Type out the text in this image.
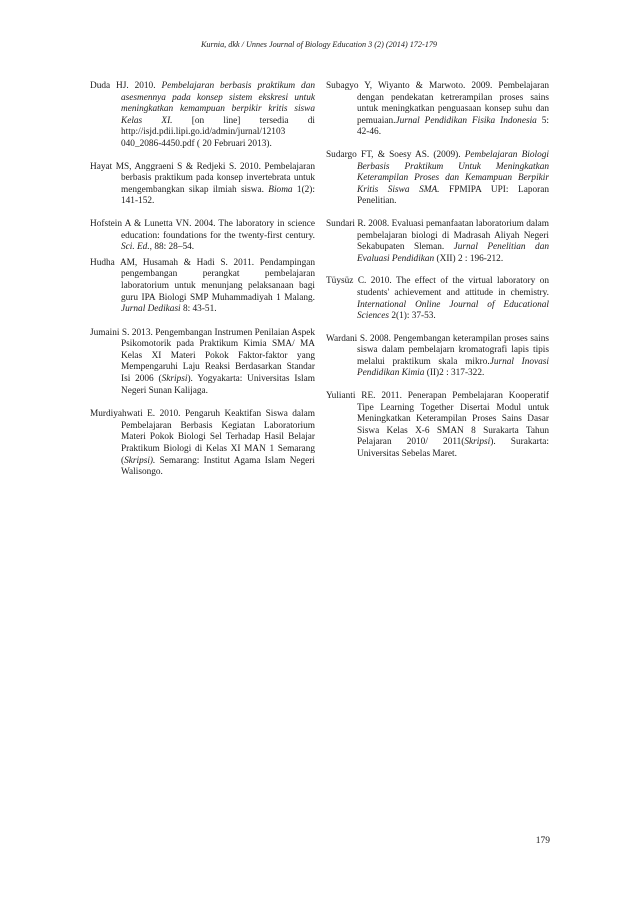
Kurnia, dkk / Unnes Journal of Biology Education 3 (2) (2014) 172-179

Duda HJ. 2010. Pembelajaran berbasis praktikum dan asesmennya pada konsep sistem ekskresi untuk meningkatkan kemampuan berpikir kritis siswa Kelas XI. [on line] tersedia di http://isjd.pdii.lipi.go.id/admin/jurnal/12103 040_2086-4450.pdf ( 20 Februari 2013).

Hayat MS, Anggraeni S & Redjeki S. 2010. Pembelajaran berbasis praktikum pada konsep invertebrata untuk mengembangkan sikap ilmiah siswa. Bioma 1(2): 141-152.

Hofstein A & Lunetta VN. 2004. The laboratory in science education: foundations for the twenty-first century. Sci. Ed., 88: 28–54.

Hudha AM, Husamah & Hadi S. 2011. Pendampingan pengembangan perangkat pembelajaran laboratorium untuk menunjang pelaksanaan bagi guru IPA Biologi SMP Muhammadiyah 1 Malang. Jurnal Dedikasi 8: 43-51.

Jumaini S. 2013. Pengembangan Instrumen Penilaian Aspek Psikomotorik pada Praktikum Kimia SMA/ MA Kelas XI Materi Pokok Faktor-faktor yang Mempengaruhi Laju Reaksi Berdasarkan Standar Isi 2006 (Skripsi). Yogyakarta: Universitas Islam Negeri Sunan Kalijaga.

Murdiyahwati E. 2010. Pengaruh Keaktifan Siswa dalam Pembelajaran Berbasis Kegiatan Laboratorium Materi Pokok Biologi Sel Terhadap Hasil Belajar Praktikum Biologi di Kelas XI MAN 1 Semarang (Skripsi). Semarang: Institut Agama Islam Negeri Walisongo.

Subagyo Y, Wiyanto & Marwoto. 2009. Pembelajaran dengan pendekatan ketrerampilan proses sains untuk meningkatkan penguasaan konsep suhu dan pemuaian.Jurnal Pendidikan Fisika Indonesia 5: 42-46.

Sudargo FT, & Soesy AS. (2009). Pembelajaran Biologi Berbasis Praktikum Untuk Meningkatkan Keterampilan Proses dan Kemampuan Berpikir Kritis Siswa SMA. FPMIPA UPI: Laporan Penelitian.

Sundari R. 2008. Evaluasi pemanfaatan laboratorium dalam pembelajaran biologi di Madrasah Aliyah Negeri Sekabupaten Sleman. Jurnal Penelitian dan Evaluasi Pendidikan (XII) 2 : 196-212.

Tüysüz C. 2010. The effect of the virtual laboratory on students' achievement and attitude in chemistry. International Online Journal of Educational Sciences 2(1): 37-53.

Wardani S. 2008. Pengembangan keterampilan proses sains siswa dalam pembelajarn kromatografi lapis tipis melalui praktikum skala mikro.Jurnal Inovasi Pendidikan Kimia (II)2 : 317-322.

Yulianti RE. 2011. Penerapan Pembelajaran Kooperatif Tipe Learning Together Disertai Modul untuk Meningkatkan Keterampilan Proses Sains Dasar Siswa Kelas X-6 SMAN 8 Surakarta Tahun Pelajaran 2010/ 2011(Skripsi). Surakarta: Universitas Sebelas Maret.

179
